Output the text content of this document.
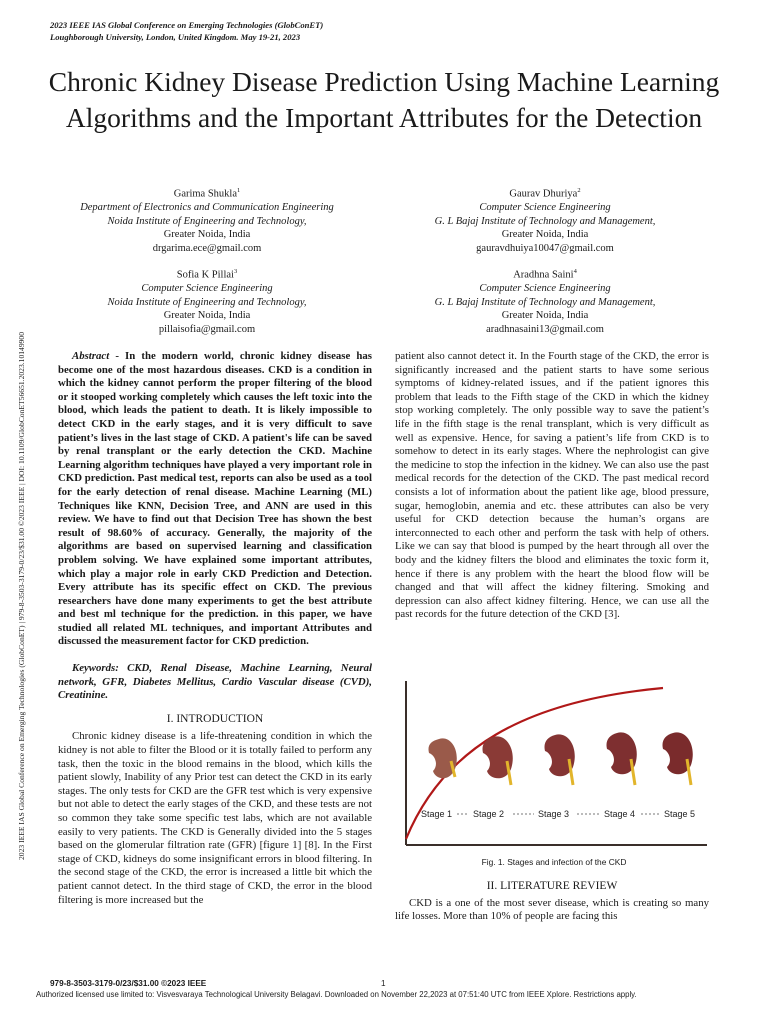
2023 IEEE IAS Global Conference on Emerging Technologies (GlobConET)
Loughborough University, London, United Kingdom. May 19-21, 2023
Chronic Kidney Disease Prediction Using Machine Learning Algorithms and the Important Attributes for the Detection
2023 IEEE IAS Global Conference on Emerging Technologies (GlobConET) | 979-8-3503-3179-0/23/$31.00 ©2023 IEEE | DOI: 10.1109/GlobConET56651.2023.10149900
Garima Shukla$^1$
Department of Electronics and Communication Engineering
Noida Institute of Engineering and Technology,
Greater Noida, India
drgarima.ece@gmail.com
Gaurav Dhuriya$^2$
Computer Science Engineering
G. L Bajaj Institute of Technology and Management,
Greater Noida, India
gauravdhuiya10047@gmail.com
Sofia K Pillai$^3$
Computer Science Engineering
Noida Institute of Engineering and Technology,
Greater Noida, India
pillaisofia@gmail.com
Aradhna Saini$^4$
Computer Science Engineering
G. L Bajaj Institute of Technology and Management,
Greater Noida, India
aradhnasaini13@gmail.com

Abstract - In the modern world, chronic kidney disease has become one of the most hazardous diseases. CKD is a condition in which the kidney cannot perform the proper filtering of the blood or it stooped working completely which causes the left toxic into the blood, which leads the patient to death. It is likely impossible to detect CKD in the early stages, and it is very difficult to save patient’s lives in the last stage of CKD. A patient's life can be saved by renal transplant or the early detection the CKD. Machine Learning algorithm techniques have played a very important role in CKD prediction. Past medical test, reports can also be used as a tool for the early detection of renal disease. Machine Learning (ML) Techniques like KNN, Decision Tree, and ANN are used in this review. We have to find out that Decision Tree has shown the best result of 98.60% of accuracy. Generally, the majority of the algorithms are based on supervised learning and classification problem solving. We have explained some important attributes, which play a major role in early CKD Prediction and Detection. Every attribute has its specific effect on CKD. The previous researchers have done many experiments to get the best attribute and best ml technique for the prediction. in this paper, we have studied all related ML techniques, and important Attributes and discussed the measurement factor for CKD prediction.

Keywords: CKD, Renal Disease, Machine Learning, Neural network, GFR, Diabetes Mellitus, Cardio Vascular disease (CVD), Creatinine.

I. INTRODUCTION

Chronic kidney disease is a life-threatening condition in which the kidney is not able to filter the Blood or it is totally failed to perform any task, then the toxic in the blood remains in the blood, which kills the patient slowly, Inability of any Prior test can detect the CKD in its early stages. The only tests for CKD are the GFR test which is very expensive but not able to detect the early stages of the CKD, and these tests are not so common they take some specific test labs, which are not available easily to very patients. The CKD is Generally divided into the 5 stages based on the glomerular filtration rate (GFR) [figure 1] [8]. In the First stage of CKD, kidneys do some insignificant errors in blood filtering. In the second stage of the CKD, the error is increased a little bit which the patient cannot detect. In the third stage of CKD, the error in the blood filtering is more increased but the

patient also cannot detect it. In the Fourth stage of the CKD, the error is significantly increased and the patient starts to have some serious symptoms of kidney-related issues, and if the patient ignores this problem that leads to the Fifth stage of the CKD in which the kidney stop working completely. The only possible way to save the patient’s life in the fifth stage is the renal transplant, which is very difficult as well as expensive. Hence, for saving a patient’s life from CKD is to somehow to detect in its early stages. Where the nephrologist can give the medicine to stop the infection in the kidney. We can also use the past medical records for the detection of the CKD. The past medical record consists a lot of information about the patient like age, blood pressure, sugar, hemoglobin, anemia and etc. these attributes can also be very useful for CKD detection because the human’s organs are interconnected to each other and perform the task with help of others. Like we can say that blood is pumped by the heart through all over the body and the kidney filters the blood and eliminates the toxic form it, hence if there is any problem with the heart the blood flow will be changed and that will affect the kidney filtering. Smoking and depression can also affect kidney filtering. Hence, we can use all the past records for the future detection of the CKD [3].

Stage 1 Stage 2	Stage 3	Stage 4	Stage 5
Fig. 1. Stages and infection of the CKD

II. LITERATURE REVIEW

CKD is a one of the most sever disease, which is creating so many life losses. More than 10% of people are facing this

979-8-3503-3179-0/23/$31.00 ©2023 IEEE	1
Authorized licensed use limited to: Visvesvaraya Technological University Belagavi. Downloaded on November 22,2023 at 07:51:40 UTC from IEEE Xplore. Restrictions apply.
